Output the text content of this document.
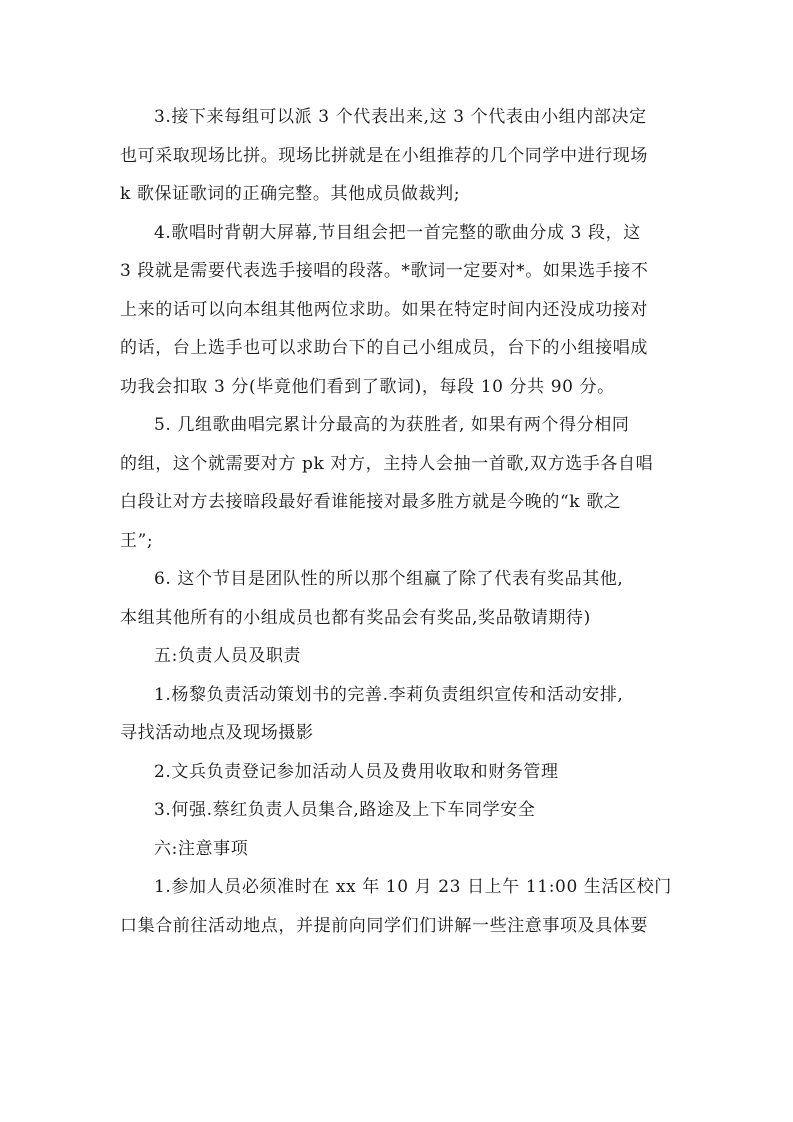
3.接下来每组可以派 3 个代表出来,这 3 个代表由小组内部决定
也可采取现场比拼。现场比拼就是在小组推荐的几个同学中进行现场
k 歌保证歌词的正确完整。其他成员做裁判;

4.歌唱时背朝大屏幕,节目组会把一首完整的歌曲分成 3 段，这
3 段就是需要代表选手接唱的段落。*歌词一定要对*。如果选手接不
上来的话可以向本组其他两位求助。如果在特定时间内还没成功接对
的话，台上选手也可以求助台下的自己小组成员，台下的小组接唱成
功我会扣取 3 分(毕竟他们看到了歌词)，每段 10 分共 90 分。

5. 几组歌曲唱完累计分最高的为获胜者, 如果有两个得分相同
的组，这个就需要对方 pk 对方，主持人会抽一首歌,双方选手各自唱
白段让对方去接暗段最好看谁能接对最多胜方就是今晚的“k 歌之
王”;

6. 这个节目是团队性的所以那个组赢了除了代表有奖品其他,
本组其他所有的小组成员也都有奖品会有奖品,奖品敬请期待)

五:负责人员及职责

1.杨黎负责活动策划书的完善.李莉负责组织宣传和活动安排,
寻找活动地点及现场摄影

2.文兵负责登记参加活动人员及费用收取和财务管理

3.何强.蔡红负责人员集合,路途及上下车同学安全

六:注意事项

1.参加人员必须准时在 xx 年 10 月 23 日上午 11:00 生活区校门
口集合前往活动地点，并提前向同学们们讲解一些注意事项及具体要
